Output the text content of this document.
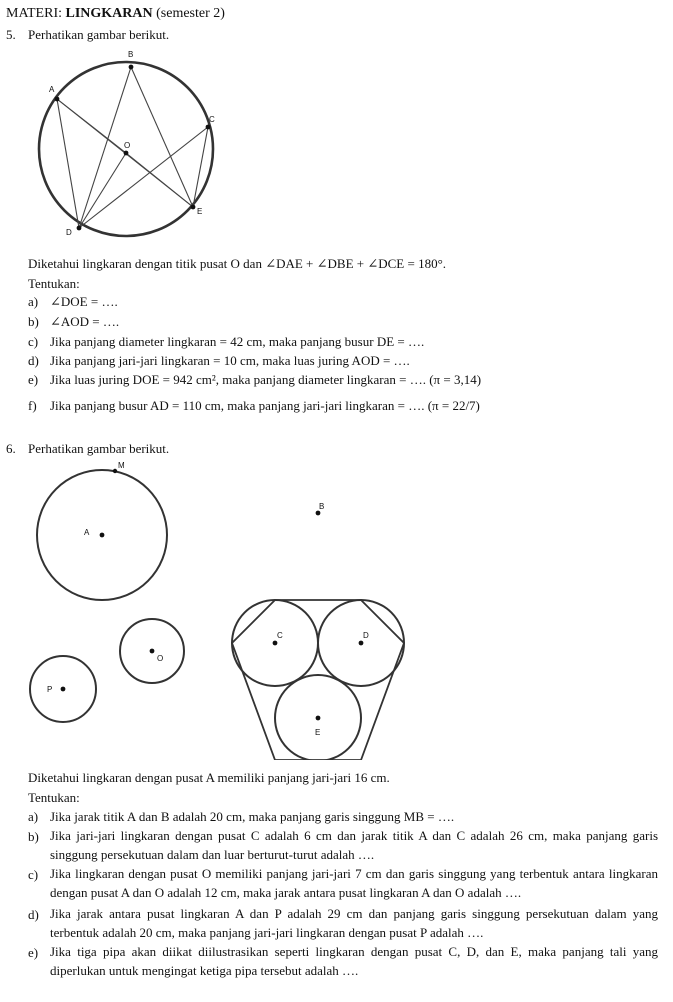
MATERI: LINGKARAN (semester 2)
5. Perhatikan gambar berikut.
A
B
C
O
E
D
Diketahui lingkaran dengan titik pusat O dan ∠DAE + ∠DBE + ∠DCE = 180°.
Tentukan:
a) ∠DOE = ….
b) ∠AOD = ….
c) Jika panjang diameter lingkaran = 42 cm, maka panjang busur DE = ….
d) Jika panjang jari-jari lingkaran = 10 cm, maka luas juring AOD = ….
e) Jika luas juring DOE = 942 cm², maka panjang diameter lingkaran = …. (π = 3,14)
f) Jika panjang busur AD = 110 cm, maka panjang jari-jari lingkaran = …. (π = 22/7)
6. Perhatikan gambar berikut.
M
A
B
O
P
C	D
E
Diketahui lingkaran dengan pusat A memiliki panjang jari-jari 16 cm.
Tentukan:
a) Jika jarak titik A dan B adalah 20 cm, maka panjang garis singgung MB = ….
b) Jika jari-jari lingkaran dengan pusat C adalah 6 cm dan jarak titik A dan C adalah 26 cm, maka panjang garis singgung persekutuan dalam dan luar berturut-turut adalah ….
c) Jika lingkaran dengan pusat O memiliki panjang jari-jari 7 cm dan garis singgung yang terbentuk antara lingkaran dengan pusat A dan O adalah 12 cm, maka jarak antara pusat lingkaran A dan O adalah ….
d) Jika jarak antara pusat lingkaran A dan P adalah 29 cm dan panjang garis singgung persekutuan dalam yang terbentuk adalah 20 cm, maka panjang jari-jari lingkaran dengan pusat P adalah ….
e) Jika tiga pipa akan diikat diilustrasikan seperti lingkaran dengan pusat C, D, dan E, maka panjang tali yang diperlukan untuk mengingat ketiga pipa tersebut adalah ….
